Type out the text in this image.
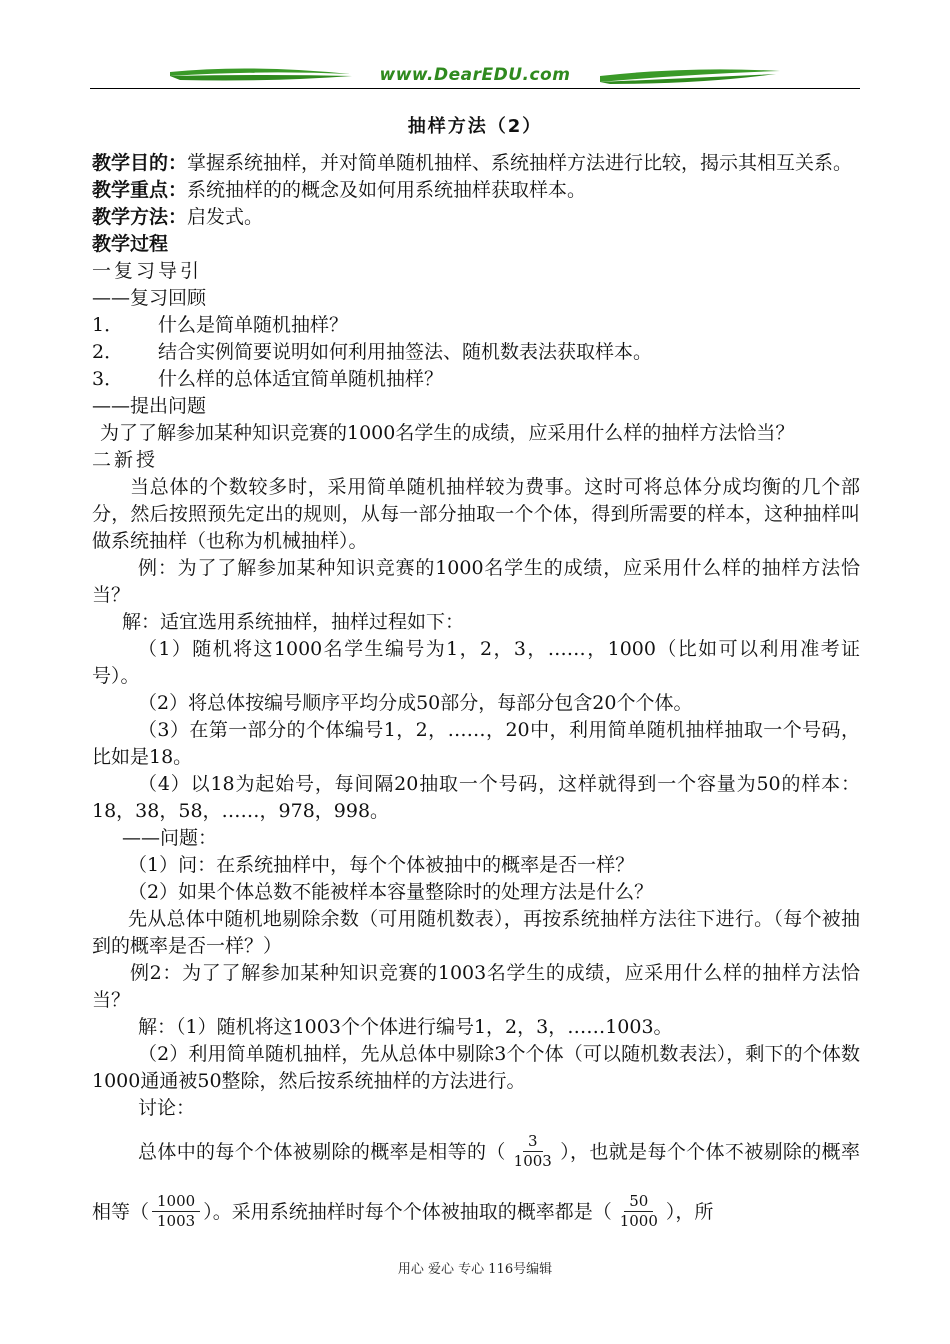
www.DearEDU.com
抽样方法（2）

教学目的：掌握系统抽样，并对简单随机抽样、系统抽样方法进行比较，揭示其相互关系。

教学重点：系统抽样的的概念及如何用系统抽样获取样本。

教学方法：启发式。

教学过程

一复习导引

——复习回顾

1． 什么是简单随机抽样？

2． 结合实例简要说明如何利用抽签法、随机数表法获取样本。

3． 什么样的总体适宜简单随机抽样？

——提出问题

为了了解参加某种知识竞赛的1000名学生的成绩，应采用什么样的抽样方法恰当？

二新授

当总体的个数较多时，采用简单随机抽样较为费事。这时可将总体分成均衡的几个部分，然后按照预先定出的规则，从每一部分抽取一个个体，得到所需要的样本，这种抽样叫做系统抽样（也称为机械抽样）。

例：为了了解参加某种知识竞赛的1000名学生的成绩，应采用什么样的抽样方法恰当？

解：适宜选用系统抽样，抽样过程如下：

（1）随机将这1000名学生编号为1，2，3，……，1000（比如可以利用准考证号）。

（2）将总体按编号顺序平均分成50部分，每部分包含20个个体。

（3）在第一部分的个体编号1，2，……，20中，利用简单随机抽样抽取一个号码，比如是18。

（4）以18为起始号，每间隔20抽取一个号码，这样就得到一个容量为50的样本：18，38，58，……，978，998。

——问题：

（1）问：在系统抽样中，每个个体被抽中的概率是否一样？

（2）如果个体总数不能被样本容量整除时的处理方法是什么？

先从总体中随机地剔除余数（可用随机数表），再按系统抽样方法往下进行。（每个被抽到的概率是否一样？）

例2：为了了解参加某种知识竞赛的1003名学生的成绩，应采用什么样的抽样方法恰当？

解：（1）随机将这1003个个体进行编号1，2，3，……1003。

（2）利用简单随机抽样，先从总体中剔除3个个体（可以随机数表法），剩下的个体数1000通通被50整除，然后按系统抽样的方法进行。

讨论：

总体中的每个个体被剔除的概率是相等的（ $\frac{3}{1003}$ ），也就是每个个体不被剔除的概率相等（ $\frac{1000}{1003}$ ）。采用系统抽样时每个个体被抽取的概率都是（ $\frac{50}{1000}$ ），所

用心 爱心 专心 116号编辑
